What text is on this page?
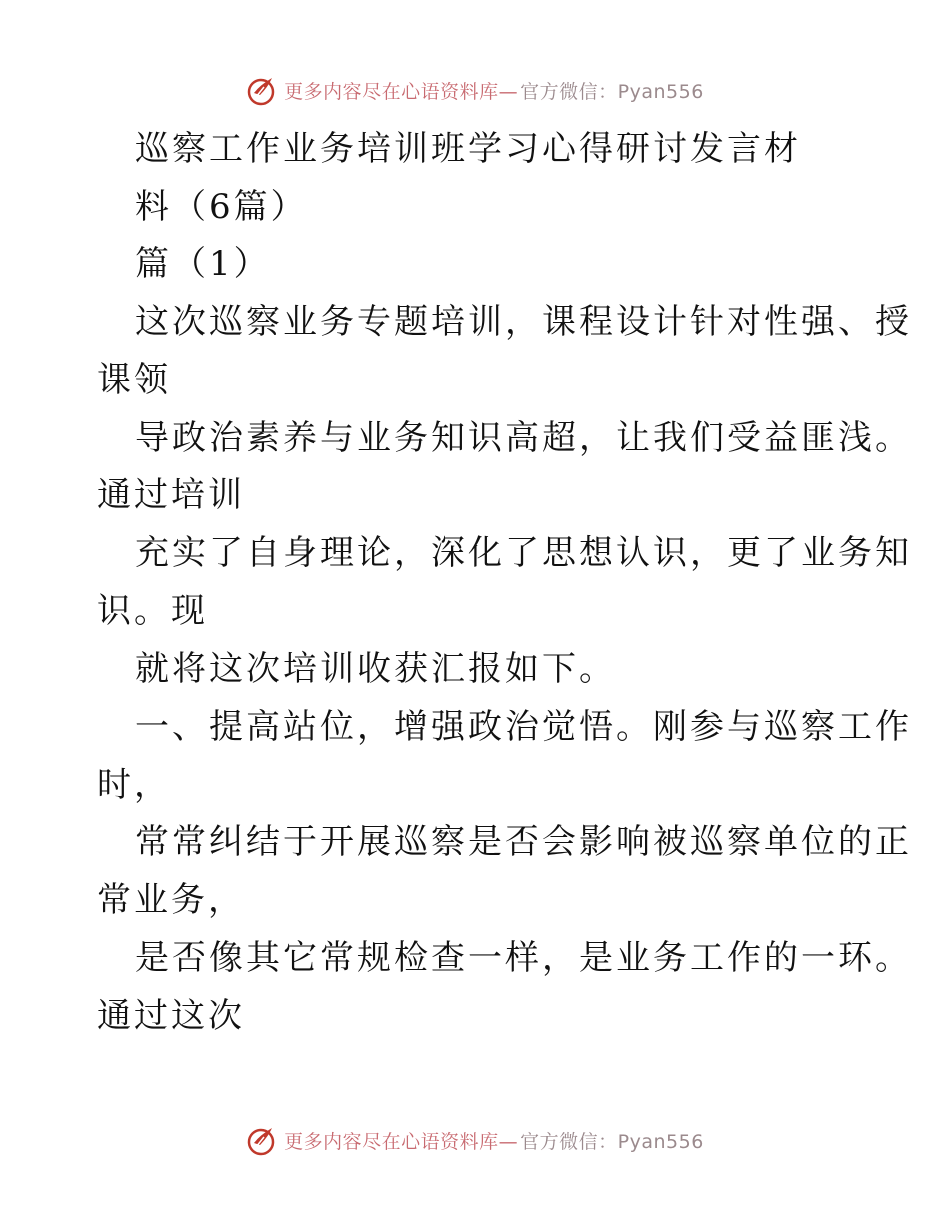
更多内容尽在心语资料库— 官方微信：Pyan556
巡察工作业务培训班学习心得研讨发言材
料（6篇）
篇（1）
这次巡察业务专题培训，课程设计针对性强、授
课领
导政治素养与业务知识高超，让我们受益匪浅。
通过培训
充实了自身理论，深化了思想认识，更了业务知
识。现
就将这次培训收获汇报如下。
一、提高站位，增强政治觉悟。刚参与巡察工作
时，
常常纠结于开展巡察是否会影响被巡察单位的正
常业务，
是否像其它常规检查一样，是业务工作的一环。
通过这次
更多内容尽在心语资料库— 官方微信：Pyan556
